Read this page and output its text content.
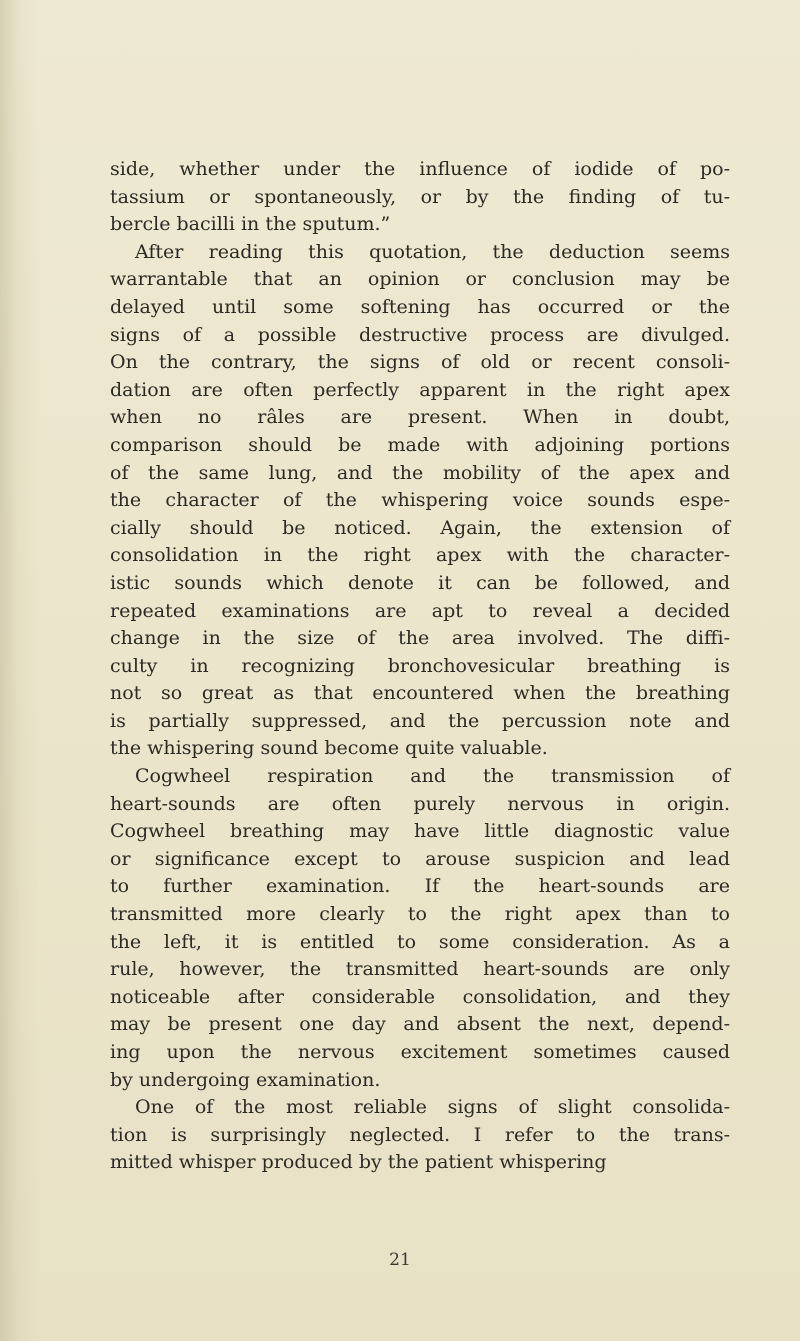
side, whether under the influence of iodide of po-
tassium or spontaneously, or by the finding of tu-
bercle bacilli in the sputum.”
After reading this quotation, the deduction seems
warrantable that an opinion or conclusion may be
delayed until some softening has occurred or the
signs of a possible destructive process are divulged.
On the contrary, the signs of old or recent consoli-
dation are often perfectly apparent in the right apex
when no râles are present. When in doubt,
comparison should be made with adjoining portions
of the same lung, and the mobility of the apex and
the character of the whispering voice sounds espe-
cially should be noticed. Again, the extension of
consolidation in the right apex with the character-
istic sounds which denote it can be followed, and
repeated examinations are apt to reveal a decided
change in the size of the area involved. The diffi-
culty in recognizing bronchovesicular breathing is
not so great as that encountered when the breathing
is partially suppressed, and the percussion note and
the whispering sound become quite valuable.
Cogwheel respiration and the transmission of
heart-sounds are often purely nervous in origin.
Cogwheel breathing may have little diagnostic value
or significance except to arouse suspicion and lead
to further examination. If the heart-sounds are
transmitted more clearly to the right apex than to
the left, it is entitled to some consideration. As a
rule, however, the transmitted heart-sounds are only
noticeable after considerable consolidation, and they
may be present one day and absent the next, depend-
ing upon the nervous excitement sometimes caused
by undergoing examination.
One of the most reliable signs of slight consolida-
tion is surprisingly neglected. I refer to the trans-
mitted whisper produced by the patient whispering
21
